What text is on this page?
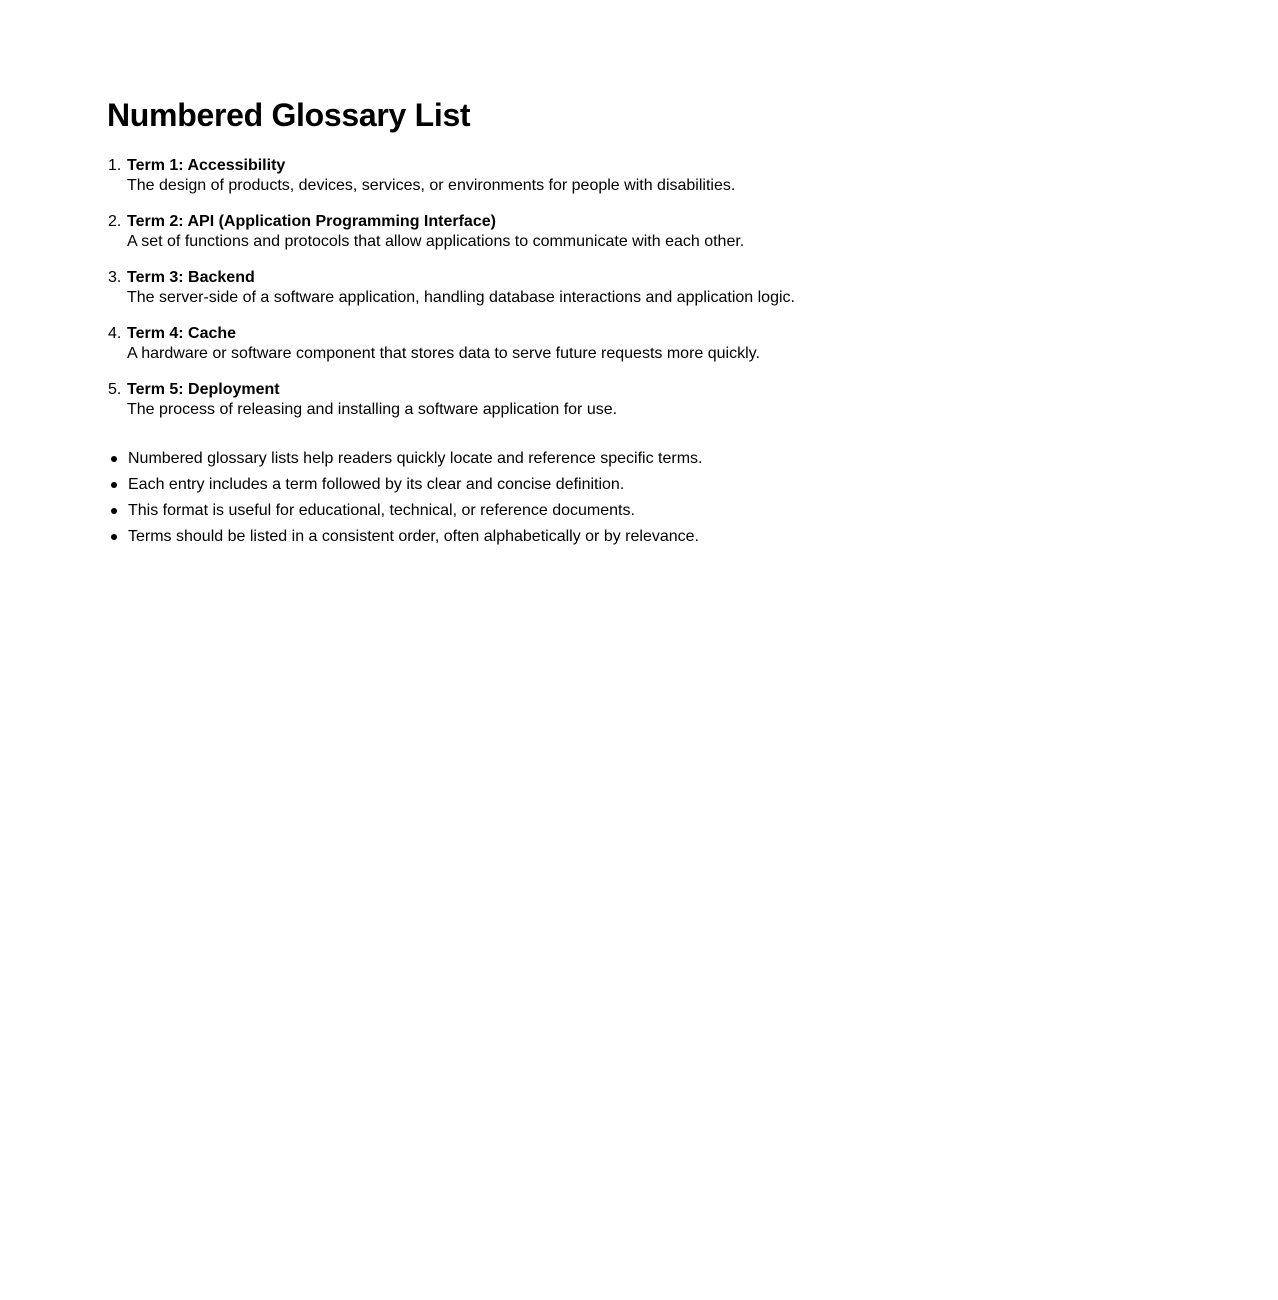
Numbered Glossary List
1. Term 1: Accessibility
The design of products, devices, services, or environments for people with disabilities.
2. Term 2: API (Application Programming Interface)
A set of functions and protocols that allow applications to communicate with each other.
3. Term 3: Backend
The server-side of a software application, handling database interactions and application logic.
4. Term 4: Cache
A hardware or software component that stores data to serve future requests more quickly.
5. Term 5: Deployment
The process of releasing and installing a software application for use.
Numbered glossary lists help readers quickly locate and reference specific terms.
Each entry includes a term followed by its clear and concise definition.
This format is useful for educational, technical, or reference documents.
Terms should be listed in a consistent order, often alphabetically or by relevance.
